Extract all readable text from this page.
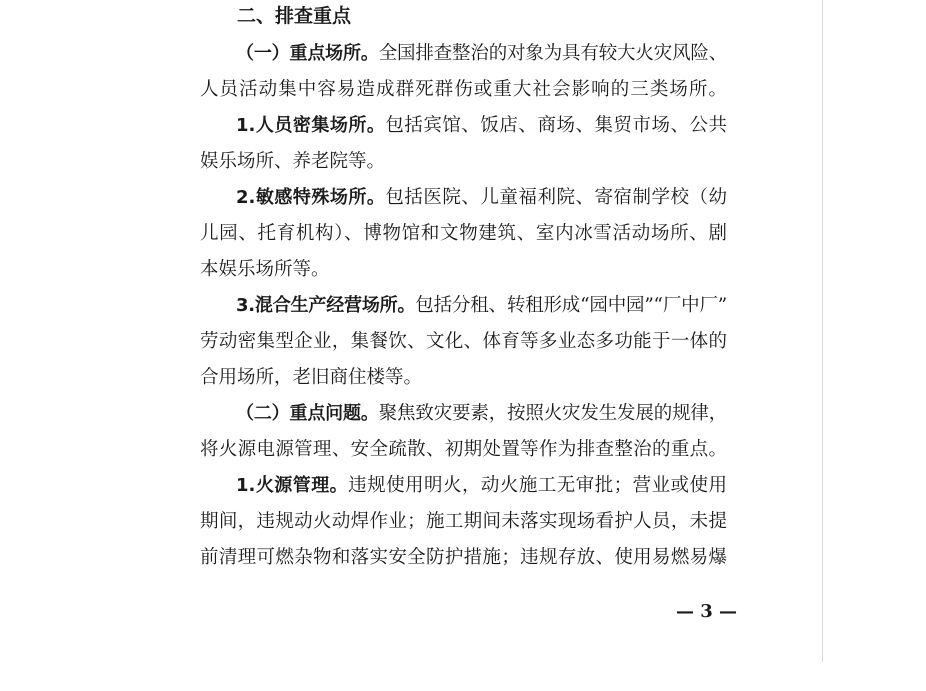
二、排查重点
（一）重点场所。全国排查整治的对象为具有较大火灾风险、
人员活动集中容易造成群死群伤或重大社会影响的三类场所。
1.人员密集场所。包括宾馆、饭店、商场、集贸市场、公共
娱乐场所、养老院等。
2.敏感特殊场所。包括医院、儿童福利院、寄宿制学校（幼
儿园、托育机构）、博物馆和文物建筑、室内冰雪活动场所、剧
本娱乐场所等。
3.混合生产经营场所。包括分租、转租形成“园中园”“厂中厂”
劳动密集型企业，集餐饮、文化、体育等多业态多功能于一体的
合用场所，老旧商住楼等。
（二）重点问题。聚焦致灾要素，按照火灾发生发展的规律，
将火源电源管理、安全疏散、初期处置等作为排查整治的重点。
1.火源管理。违规使用明火，动火施工无审批；营业或使用
期间，违规动火动焊作业；施工期间未落实现场看护人员，未提
前清理可燃杂物和落实安全防护措施；违规存放、使用易燃易爆
— 3 —
